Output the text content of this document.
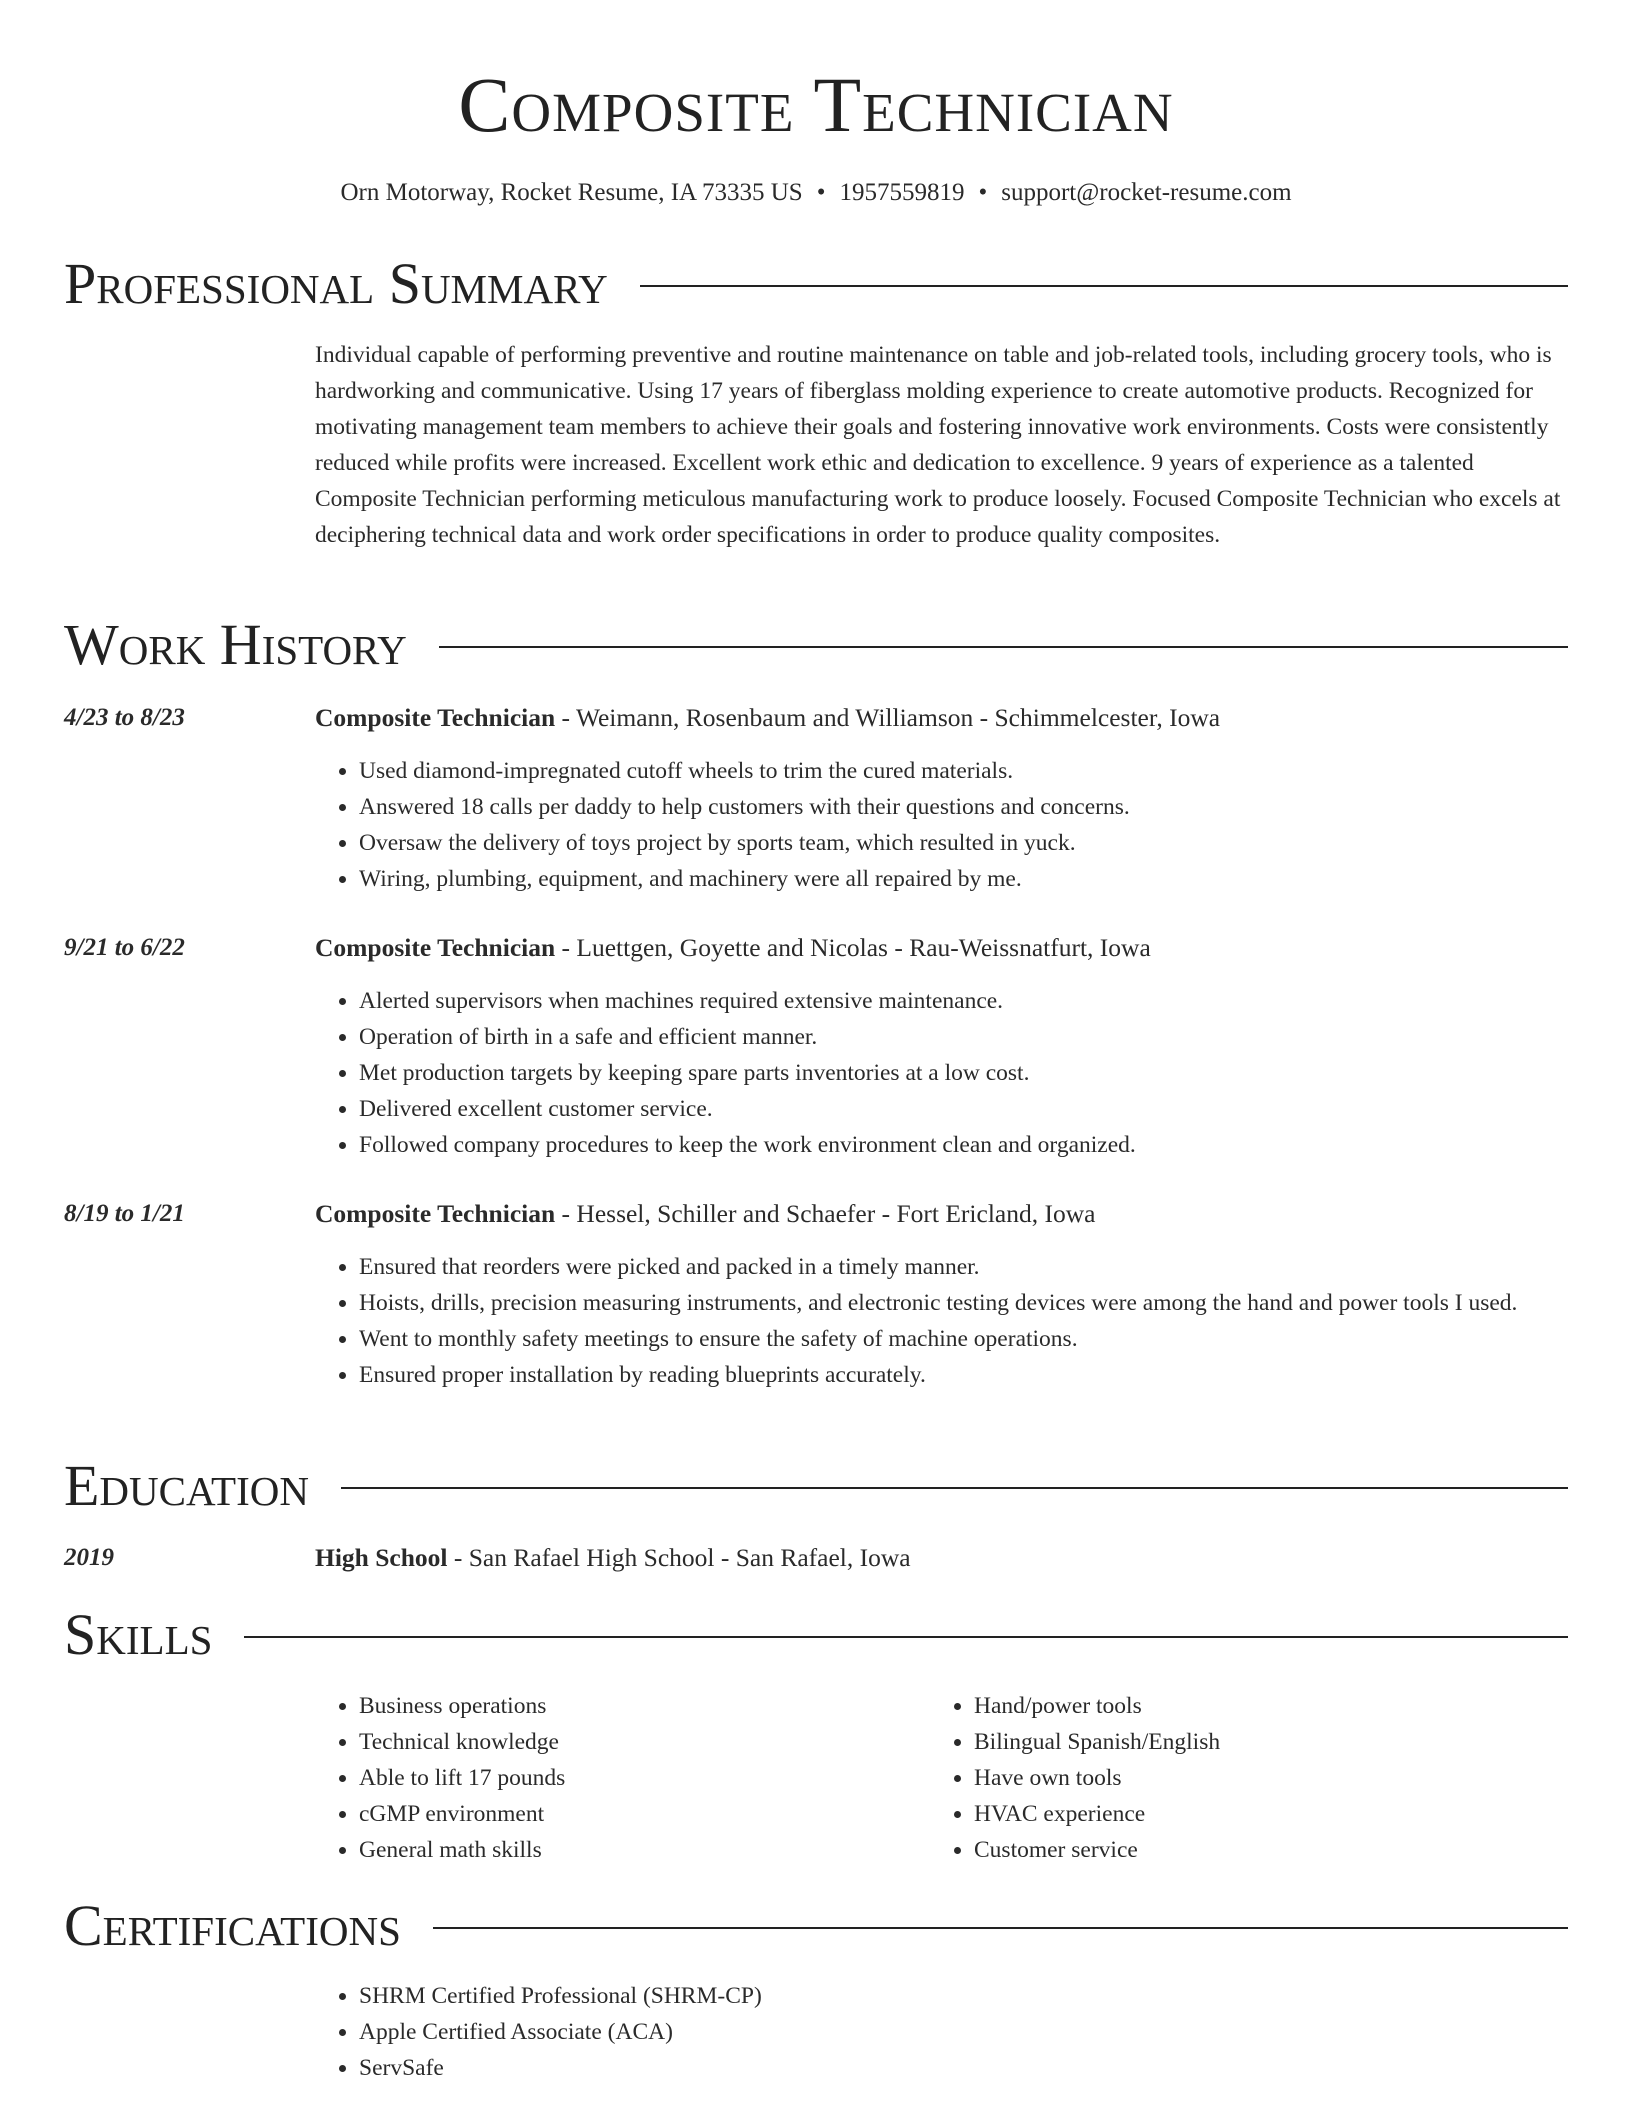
Composite Technician
Orn Motorway, Rocket Resume, IA 73335 US • 1957559819 • support@rocket-resume.com
Professional Summary
Individual capable of performing preventive and routine maintenance on table and job-related tools, including grocery tools, who is hardworking and communicative. Using 17 years of fiberglass molding experience to create automotive products. Recognized for motivating management team members to achieve their goals and fostering innovative work environments. Costs were consistently reduced while profits were increased. Excellent work ethic and dedication to excellence. 9 years of experience as a talented Composite Technician performing meticulous manufacturing work to produce loosely. Focused Composite Technician who excels at deciphering technical data and work order specifications in order to produce quality composites.
Work History
4/23 to 8/23	Composite Technician - Weimann, Rosenbaum and Williamson - Schimmelcester, Iowa
• Used diamond-impregnated cutoff wheels to trim the cured materials.
• Answered 18 calls per daddy to help customers with their questions and concerns.
• Oversaw the delivery of toys project by sports team, which resulted in yuck.
• Wiring, plumbing, equipment, and machinery were all repaired by me.
9/21 to 6/22	Composite Technician - Luettgen, Goyette and Nicolas - Rau-Weissnatfurt, Iowa
• Alerted supervisors when machines required extensive maintenance.
• Operation of birth in a safe and efficient manner.
• Met production targets by keeping spare parts inventories at a low cost.
• Delivered excellent customer service.
• Followed company procedures to keep the work environment clean and organized.
8/19 to 1/21	Composite Technician - Hessel, Schiller and Schaefer - Fort Ericland, Iowa
• Ensured that reorders were picked and packed in a timely manner.
• Hoists, drills, precision measuring instruments, and electronic testing devices were among the hand and power tools I used.
• Went to monthly safety meetings to ensure the safety of machine operations.
• Ensured proper installation by reading blueprints accurately.
Education
2019	High School - San Rafael High School - San Rafael, Iowa
Skills
• Business operations
• Technical knowledge
• Able to lift 17 pounds
• cGMP environment
• General math skills
• Hand/power tools
• Bilingual Spanish/English
• Have own tools
• HVAC experience
• Customer service
Certifications
• SHRM Certified Professional (SHRM-CP)
• Apple Certified Associate (ACA)
• ServSafe
